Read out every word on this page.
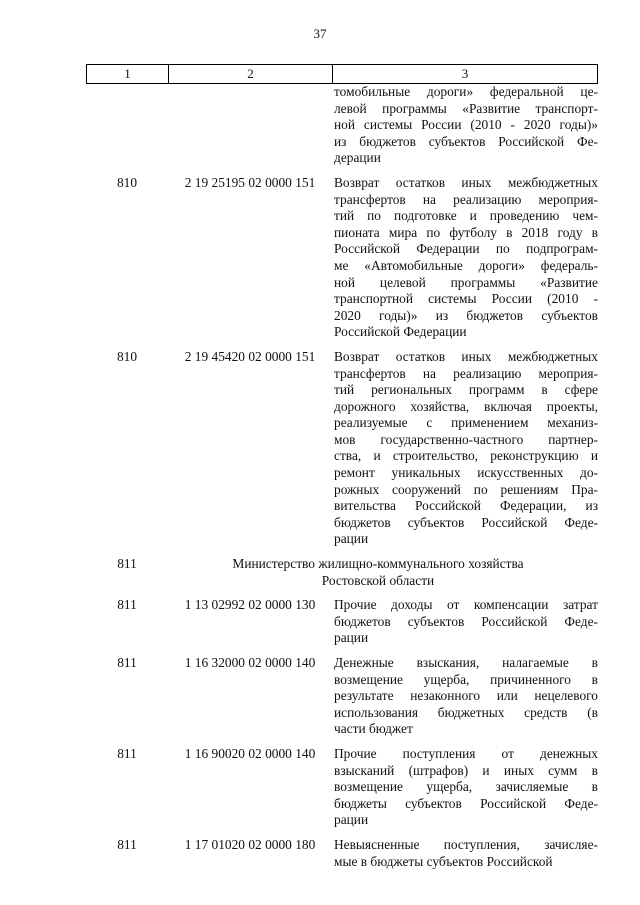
37
1	2	3
томобильные дороги» федеральной це-
левой программы «Развитие транспорт-
ной системы России (2010 - 2020 годы)»
из бюджетов субъектов Российской Фе-
дерации
810	2 19 25195 02 0000 151	Возврат остатков иных межбюджетных
трансфертов на реализацию мероприя-
тий по подготовке и проведению чем-
пионата мира по футболу в 2018 году в
Российской Федерации по подпрограм-
ме «Автомобильные дороги» федераль-
ной целевой программы «Развитие
транспортной системы России (2010 -
2020 годы)» из бюджетов субъектов
Российской Федерации
810	2 19 45420 02 0000 151	Возврат остатков иных межбюджетных
трансфертов на реализацию мероприя-
тий региональных программ в сфере
дорожного хозяйства, включая проекты,
реализуемые с применением механиз-
мов государственно-частного партнер-
ства, и строительство, реконструкцию и
ремонт уникальных искусственных до-
рожных сооружений по решениям Пра-
вительства Российской Федерации, из
бюджетов субъектов Российской Феде-
рации
811	Министерство жилищно-коммунального хозяйства
Ростовской области
811	1 13 02992 02 0000 130	Прочие доходы от компенсации затрат
бюджетов субъектов Российской Феде-
рации
811	1 16 32000 02 0000 140	Денежные взыскания, налагаемые в
возмещение ущерба, причиненного в
результате незаконного или нецелевого
использования бюджетных средств (в
части бюджет
811	1 16 90020 02 0000 140	Прочие поступления от денежных
взысканий (штрафов) и иных сумм в
возмещение ущерба, зачисляемые в
бюджеты субъектов Российской Феде-
рации
811	1 17 01020 02 0000 180	Невыясненные поступления, зачисляе-
мые в бюджеты субъектов Российской
